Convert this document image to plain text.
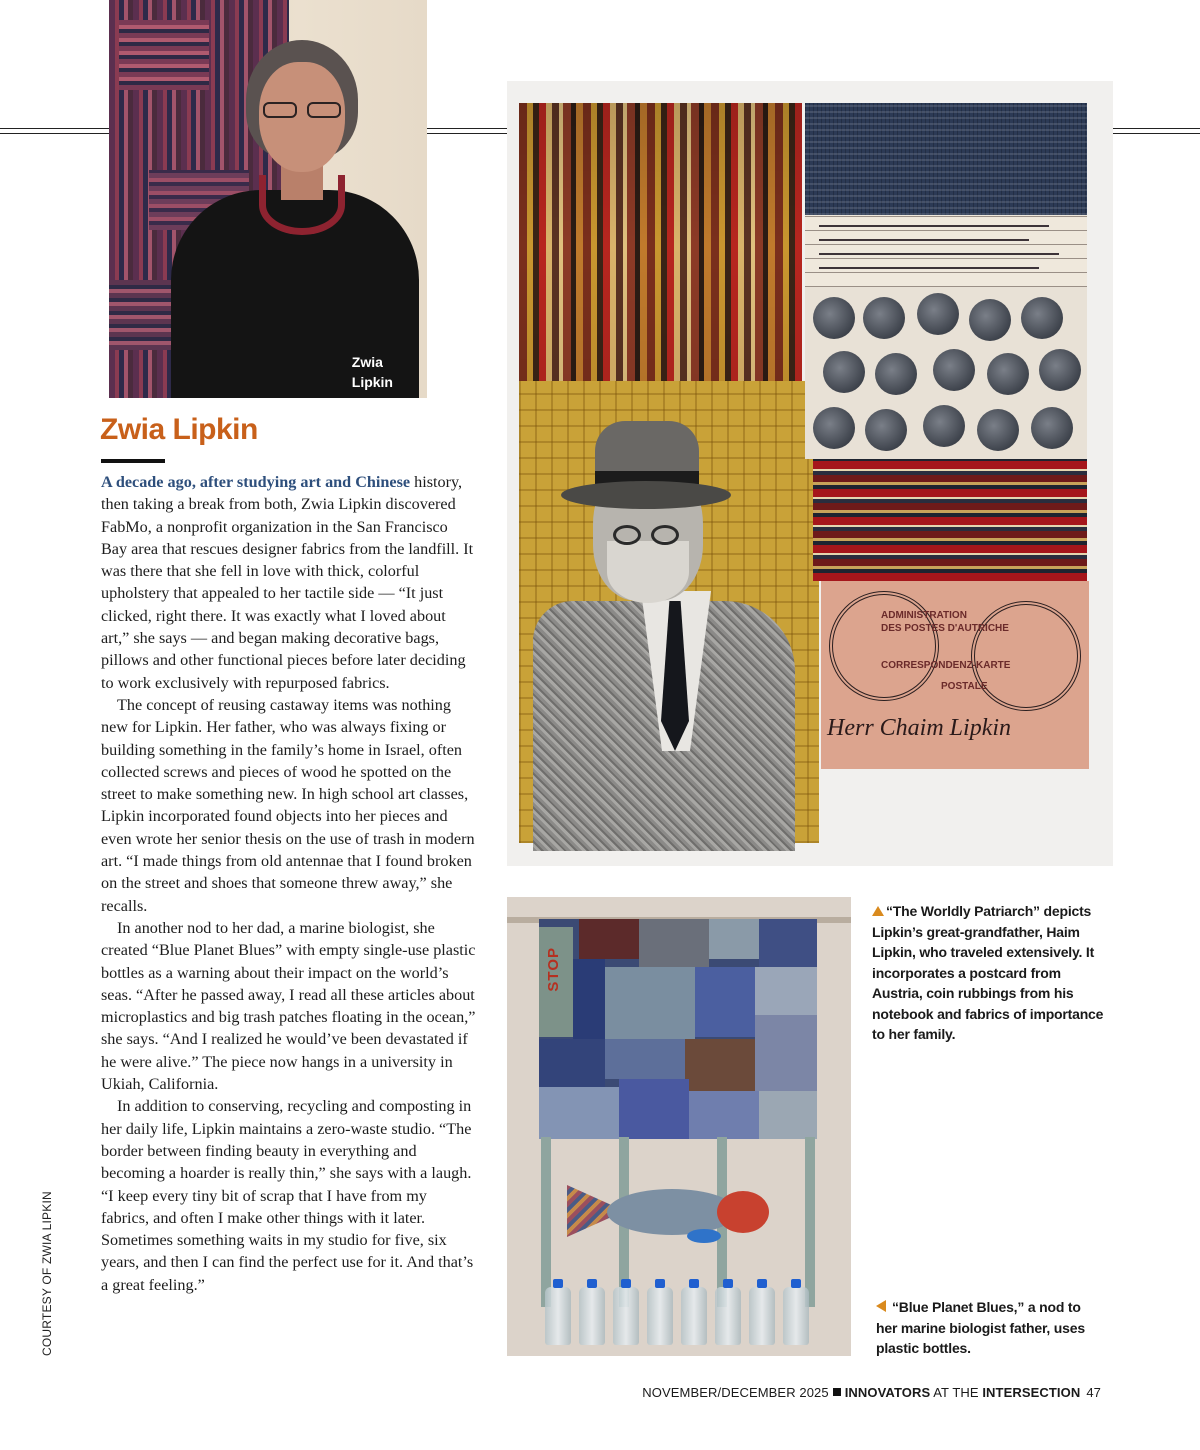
Zwia
Lipkin
Zwia Lipkin

A decade ago, after studying art and Chinese history, then taking a break from both, Zwia Lipkin discovered FabMo, a nonprofit organization in the San Francisco Bay area that rescues designer fabrics from the landfill. It was there that she fell in love with thick, colorful upholstery that appealed to her tactile side — “It just clicked, right there. It was exactly what I loved about art,” she says — and began making decorative bags, pillows and other functional pieces before later deciding to work exclusively with repurposed fabrics.

The concept of reusing castaway items was nothing new for Lipkin. Her father, who was always fixing or building something in the family’s home in Israel, often collected screws and pieces of wood he spotted on the street to make something new. In high school art classes, Lipkin incorporated found objects into her pieces and even wrote her senior thesis on the use of trash in modern art. “I made things from old antennae that I found broken on the street and shoes that someone threw away,” she recalls.

In another nod to her dad, a marine biologist, she created “Blue Planet Blues” with empty single-use plastic bottles as a warning about their impact on the world’s seas. “After he passed away, I read all these articles about microplastics and big trash patches floating in the ocean,” she says. “And I realized he would’ve been devastated if he were alive.” The piece now hangs in a university in Ukiah, California.

In addition to conserving, recycling and composting in her daily life, Lipkin maintains a zero-waste studio. “The border between finding beauty in everything and becoming a hoarder is really thin,” she says with a laugh. “I keep every tiny bit of scrap that I have from my fabrics, and often I make other things with it later. Sometimes something waits in my studio for five, six years, and then I can find the perfect use for it. And that’s a great feeling.”

COURTESY OF ZWIA LIPKIN
ADMINISTRATION
DES POSTES D'AUTRICHE
CORRESPONDENZ-KARTE
POSTALE
Herr Chaim Lipkin
STOP
“The Worldly Patriarch” depicts Lipkin’s great-grandfather, Haim Lipkin, who traveled extensively. It incorporates a postcard from Austria, coin rubbings from his notebook and fabrics of importance to her family.
“Blue Planet Blues,” a nod to her marine biologist father, uses plastic bottles.
NOVEMBER/DECEMBER 2025 INNOVATORS AT THE INTERSECTION 47
